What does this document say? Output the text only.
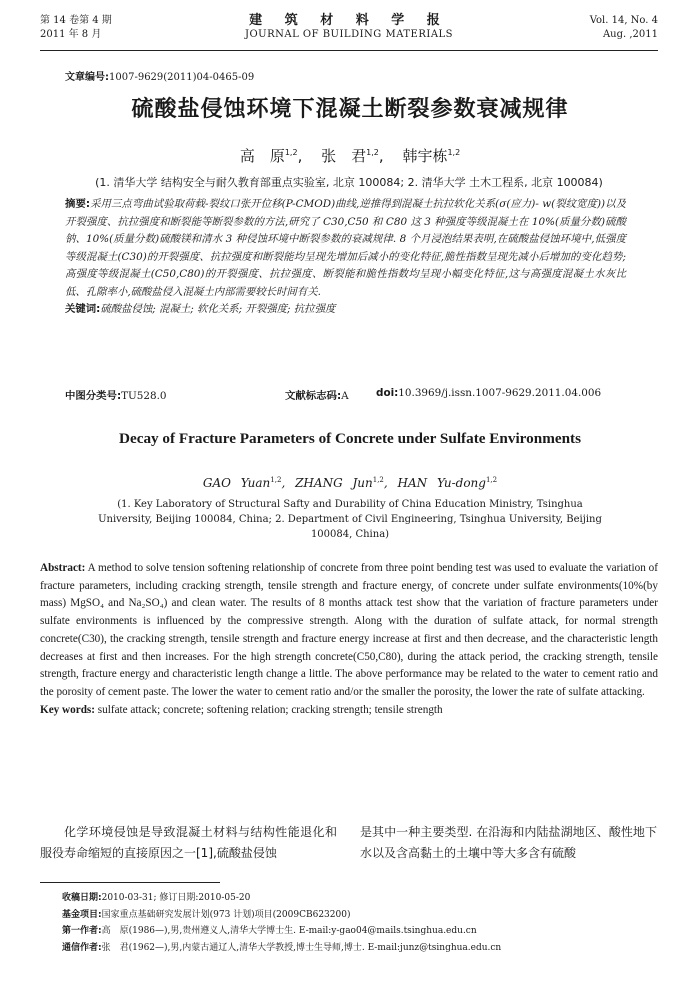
第 14 卷第 4 期
2011 年 8 月
建 筑 材 料 学 报
JOURNAL OF BUILDING MATERIALS
Vol. 14, No. 4
Aug. ,2011
文章编号:1007-9629(2011)04-0465-09
硫酸盐侵蚀环境下混凝土断裂参数衰减规律
高　原$^{1,2}$, 张　君$^{1,2}$, 韩宇栋$^{1,2}$
(1. 清华大学 结构安全与耐久教育部重点实验室, 北京 100084; 2. 清华大学 土木工程系, 北京 100084)

摘要:采用三点弯曲试验取荷载-裂纹口张开位移(P-CMOD)曲线,逆推得到混凝土抗拉软化关系(σ(应力)- w(裂纹宽度))以及开裂强度、抗拉强度和断裂能等断裂参数的方法,研究了 C30,C50 和 C80 这 3 种强度等级混凝土在 10%(质量分数)硫酸钠、10%(质量分数)硫酸镁和清水 3 种侵蚀环境中断裂参数的衰减规律. 8 个月浸泡结果表明,在硫酸盐侵蚀环境中,低强度等级混凝土(C30)的开裂强度、抗拉强度和断裂能均呈现先增加后减小的变化特征,脆性指数呈现先减小后增加的变化趋势;高强度等级混凝土(C50,C80)的开裂强度、抗拉强度、断裂能和脆性指数均呈现小幅变化特征,这与高强度混凝土水灰比低、孔隙率小,硫酸盐侵入混凝土内部需要较长时间有关.

关键词:硫酸盐侵蚀; 混凝土; 软化关系; 开裂强度; 抗拉强度

中图分类号:TU528.0	文献标志码:A	doi:10.3969/j.issn.1007-9629.2011.04.006
Decay of Fracture Parameters of Concrete under Sulfate Environments
GAO Yuan$^{1,2}$, ZHANG Jun$^{1,2}$, HAN Yu-dong$^{1,2}$
(1. Key Laboratory of Structural Safty and Durability of China Education Ministry, Tsinghua University, Beijing 100084, China; 2. Department of Civil Engineering, Tsinghua University, Beijing 100084, China)

Abstract: A method to solve tension softening relationship of concrete from three point bending test was used to evaluate the variation of fracture parameters, including cracking strength, tensile strength and fracture energy, of concrete under sulfate environments(10%(by mass) MgSO₄ and Na₂SO₄) and clean water. The results of 8 months attack test show that the variation of fracture parameters under sulfate environments is influenced by the compressive strength. Along with the duration of sulfate attack, for normal strength concrete(C30), the cracking strength, tensile strength and fracture energy increase at first and then decrease, and the characteristic length decreases at first and then increases. For the high strength concrete(C50,C80), during the attack period, the cracking strength, tensile strength, fracture energy and characteristic length change a little. The above performance may be related to the water to cement ratio and the porosity of cement paste. The lower the water to cement ratio and/or the smaller the porosity, the lower the rate of sulfate attacking.

Key words: sulfate attack; concrete; softening relation; cracking strength; tensile strength

化学环境侵蚀是导致混凝土材料与结构性能退化和服役寿命缩短的直接原因之一[1],硫酸盐侵蚀
是其中一种主要类型. 在沿海和内陆盐湖地区、酸性地下水以及含高黏土的土壤中等大多含有硫酸
收稿日期:2010-03-31; 修订日期:2010-05-20
基金项目:国家重点基础研究发展计划(973 计划)项目(2009CB623200)
第一作者:高　原(1986—),男,贵州遵义人,清华大学博士生. E-mail:y-gao04@mails.tsinghua.edu.cn
通信作者:张　君(1962—),男,内蒙古通辽人,清华大学教授,博士生导师,博士. E-mail:junz@tsinghua.edu.cn
